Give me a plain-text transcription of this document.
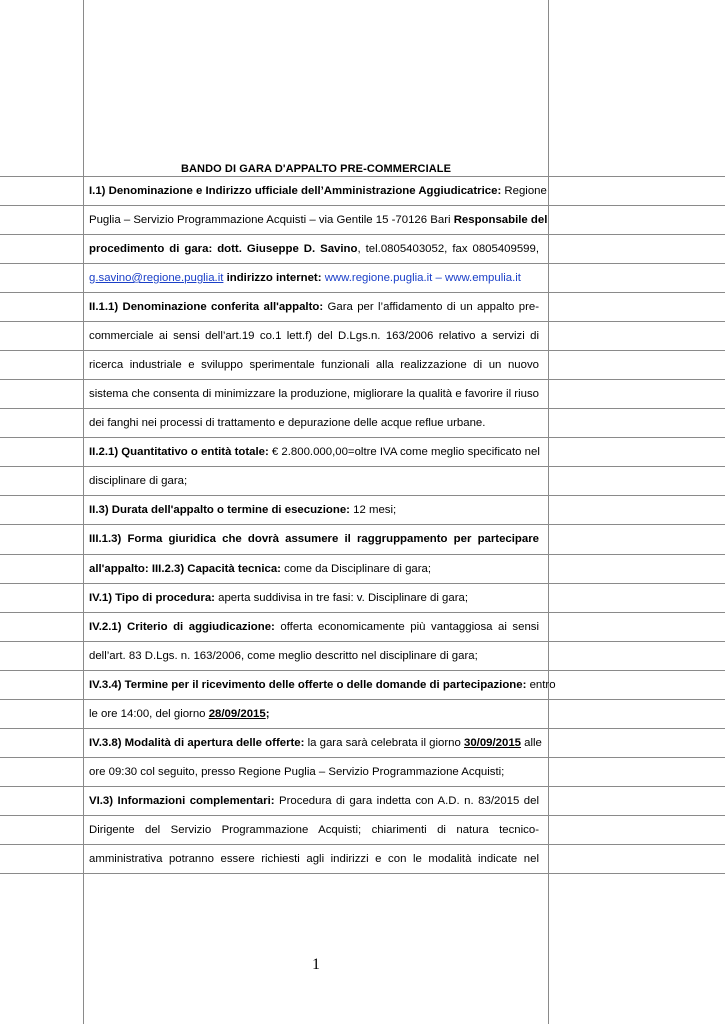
BANDO DI GARA D'APPALTO PRE-COMMERCIALE
I.1) Denominazione e Indirizzo ufficiale dell’Amministrazione Aggiudicatrice: Regione
Puglia – Servizio Programmazione Acquisti – via Gentile 15 -70126 Bari Responsabile del
procedimento di gara: dott. Giuseppe D. Savino, tel.0805403052, fax 0805409599,
g.savino@regione.puglia.it indirizzo internet: www.regione.puglia.it – www.empulia.it
II.1.1) Denominazione conferita all'appalto: Gara per l’affidamento di un appalto pre-
commerciale ai sensi dell’art.19 co.1 lett.f) del D.Lgs.n. 163/2006 relativo a servizi di
ricerca industriale e sviluppo sperimentale funzionali alla realizzazione di un nuovo
sistema che consenta di minimizzare la produzione, migliorare la qualità e favorire il riuso
dei fanghi nei processi di trattamento e depurazione delle acque reflue urbane.
II.2.1) Quantitativo o entità totale: € 2.800.000,00=oltre IVA come meglio specificato nel
disciplinare di gara;
II.3) Durata dell'appalto o termine di esecuzione: 12 mesi;
III.1.3) Forma giuridica che dovrà assumere il raggruppamento per partecipare
all'appalto: III.2.3) Capacità tecnica: come da Disciplinare di gara;
IV.1) Tipo di procedura: aperta suddivisa in tre fasi: v. Disciplinare di gara;
IV.2.1) Criterio di aggiudicazione: offerta economicamente più vantaggiosa ai sensi
dell’art. 83 D.Lgs. n. 163/2006, come meglio descritto nel disciplinare di gara;
IV.3.4) Termine per il ricevimento delle offerte o delle domande di partecipazione: entro
le ore 14:00, del giorno 28/09/2015;
IV.3.8) Modalità di apertura delle offerte: la gara sarà celebrata il giorno 30/09/2015 alle
ore 09:30 col seguito, presso Regione Puglia – Servizio Programmazione Acquisti;
VI.3) Informazioni complementari: Procedura di gara indetta con A.D. n. 83/2015 del
Dirigente del Servizio Programmazione Acquisti; chiarimenti di natura tecnico-
amministrativa potranno essere richiesti agli indirizzi e con le modalità indicate nel
1
